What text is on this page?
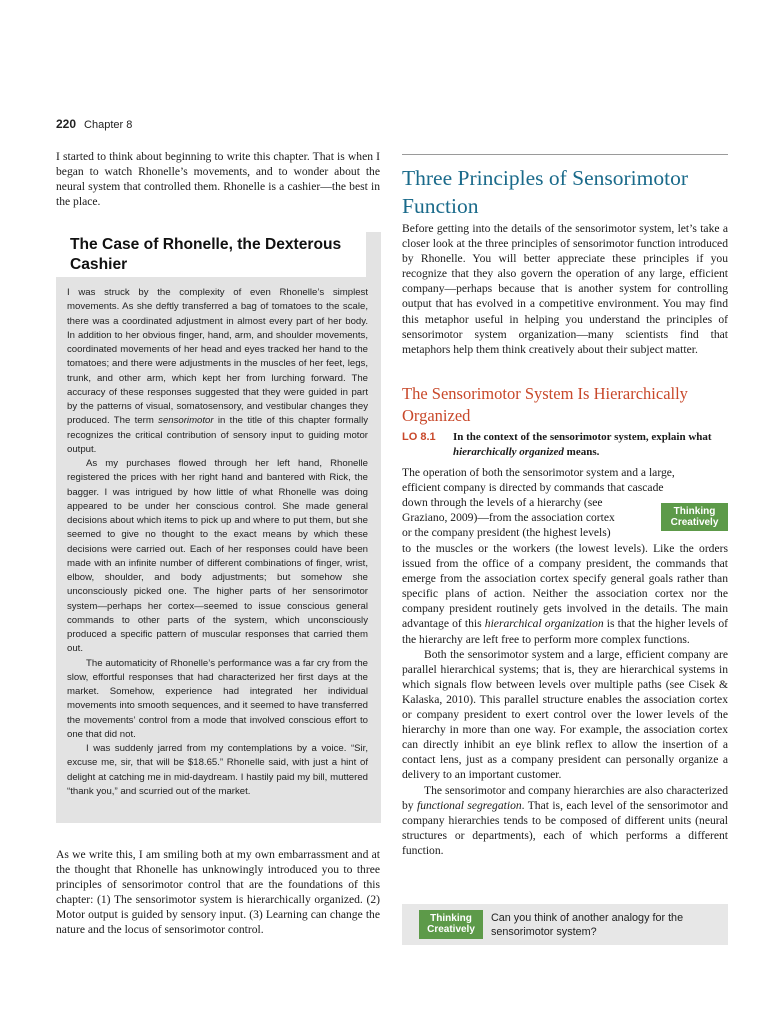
220 Chapter 8

I started to think about beginning to write this chapter. That is when I began to watch Rhonelle’s movements, and to wonder about the neural system that controlled them. Rhonelle is a cashier—the best in the place.

The Case of Rhonelle, the Dexterous Cashier

I was struck by the complexity of even Rhonelle’s simplest movements. As she deftly transferred a bag of tomatoes to the scale, there was a coordinated adjustment in almost every part of her body. In addition to her obvious finger, hand, arm, and shoulder movements, coordinated movements of her head and eyes tracked her hand to the tomatoes; and there were adjustments in the muscles of her feet, legs, trunk, and other arm, which kept her from lurching forward. The accuracy of these responses suggested that they were guided in part by the patterns of visual, somatosensory, and vestibular changes they produced. The term sensorimotor in the title of this chapter formally recognizes the critical contribution of sensory input to guiding motor output.

As my purchases flowed through her left hand, Rhonelle registered the prices with her right hand and bantered with Rick, the bagger. I was intrigued by how little of what Rhonelle was doing appeared to be under her conscious control. She made general decisions about which items to pick up and where to put them, but she seemed to give no thought to the exact means by which these decisions were carried out. Each of her responses could have been made with an infinite number of different combinations of finger, wrist, elbow, shoulder, and body adjustments; but somehow she unconsciously picked one. The higher parts of her sensorimotor system—perhaps her cortex—seemed to issue conscious general commands to other parts of the system, which unconsciously produced a specific pattern of muscular responses that carried them out.

The automaticity of Rhonelle’s performance was a far cry from the slow, effortful responses that had characterized her first days at the market. Somehow, experience had integrated her individual movements into smooth sequences, and it seemed to have transferred the movements’ control from a mode that involved conscious effort to one that did not.

I was suddenly jarred from my contemplations by a voice. “Sir, excuse me, sir, that will be $18.65.” Rhonelle said, with just a hint of delight at catching me in mid-daydream. I hastily paid my bill, muttered “thank you,” and scurried out of the market.

As we write this, I am smiling both at my own embarrassment and at the thought that Rhonelle has unknowingly introduced you to three principles of sensorimotor control that are the foundations of this chapter: (1) The sensorimotor system is hierarchically organized. (2) Motor output is guided by sensory input. (3) Learning can change the nature and the locus of sensorimotor control.

Three Principles of Sensorimotor Function

Before getting into the details of the sensorimotor system, let’s take a closer look at the three principles of sensorimotor function introduced by Rhonelle. You will better appreciate these principles if you recognize that they also govern the operation of any large, efficient company—perhaps because that is another system for controlling output that has evolved in a competitive environment. You may find this metaphor useful in helping you understand the principles of sensorimotor system organization—many scientists find that metaphors help them think creatively about their subject matter.

The Sensorimotor System Is Hierarchically Organized
LO 8.1 In the context of the sensorimotor system, explain what hierarchically organized means.
The operation of both the sensorimotor system and a large,
efficient company is directed by commands that cascade
down through the levels of a hierarchy (see
Graziano, 2009)—from the association cortex
or the company president (the highest levels)
Thinking
Creatively

to the muscles or the workers (the lowest levels). Like the orders issued from the office of a company president, the commands that emerge from the association cortex specify general goals rather than specific plans of action. Neither the association cortex nor the company president routinely gets involved in the details. The main advantage of this hierarchical organization is that the higher levels of the hierarchy are left free to perform more complex functions.

Both the sensorimotor system and a large, efficient company are parallel hierarchical systems; that is, they are hierarchical systems in which signals flow between levels over multiple paths (see Cisek & Kalaska, 2010). This parallel structure enables the association cortex or company president to exert control over the lower levels of the hierarchy in more than one way. For example, the association cortex can directly inhibit an eye blink reflex to allow the insertion of a contact lens, just as a company president can personally organize a delivery to an important customer.

The sensorimotor and company hierarchies are also characterized by functional segregation. That is, each level of the sensorimotor and company hierarchies tends to be composed of different units (neural structures or departments), each of which performs a different function.

Thinking
Creatively
Can you think of another analogy for the sensorimotor system?
